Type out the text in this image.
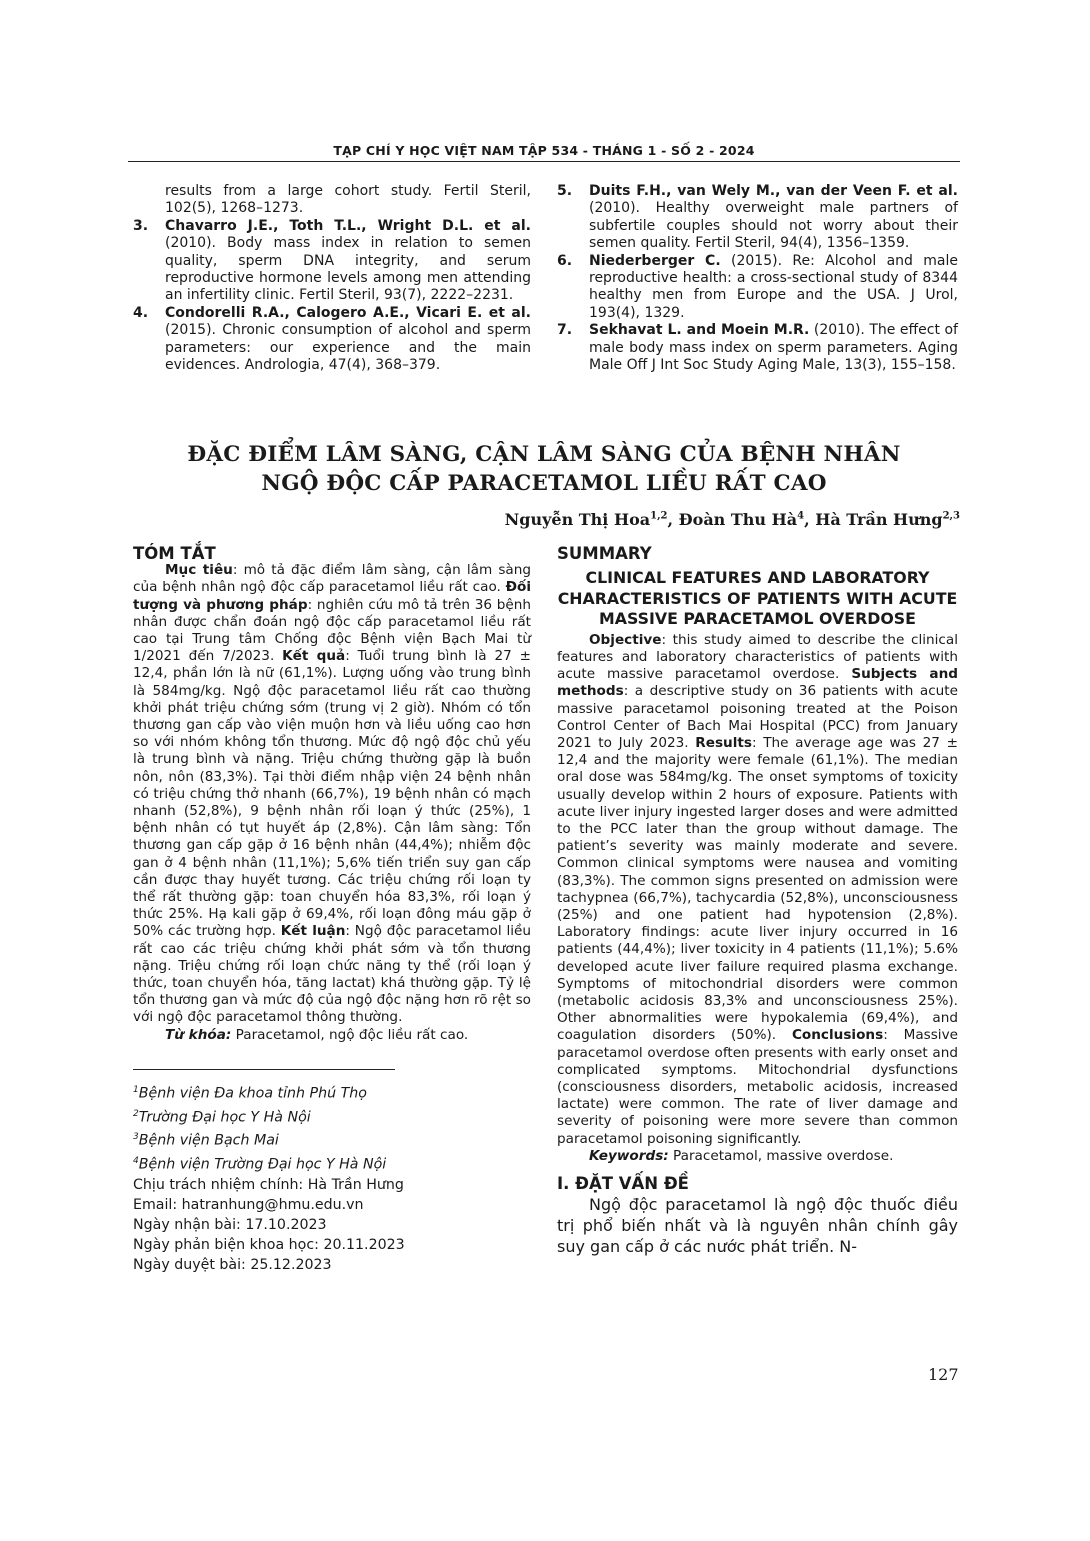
TẠP CHÍ Y HỌC VIỆT NAM TẬP 534 - THÁNG 1 - SỐ 2 - 2024
results from a large cohort study. Fertil Steril, 102(5), 1268–1273.
3. Chavarro J.E., Toth T.L., Wright D.L. et al. (2010). Body mass index in relation to semen quality, sperm DNA integrity, and serum reproductive hormone levels among men attending an infertility clinic. Fertil Steril, 93(7), 2222–2231.
4. Condorelli R.A., Calogero A.E., Vicari E. et al. (2015). Chronic consumption of alcohol and sperm parameters: our experience and the main evidences. Andrologia, 47(4), 368–379.
5. Duits F.H., van Wely M., van der Veen F. et al. (2010). Healthy overweight male partners of subfertile couples should not worry about their semen quality. Fertil Steril, 94(4), 1356–1359.
6. Niederberger C. (2015). Re: Alcohol and male reproductive health: a cross-sectional study of 8344 healthy men from Europe and the USA. J Urol, 193(4), 1329.
7. Sekhavat L. and Moein M.R. (2010). The effect of male body mass index on sperm parameters. Aging Male Off J Int Soc Study Aging Male, 13(3), 155–158.
ĐẶC ĐIỂM LÂM SÀNG, CẬN LÂM SÀNG CỦA BỆNH NHÂN
NGỘ ĐỘC CẤP PARACETAMOL LIỀU RẤT CAO
Nguyễn Thị Hoa$^{1,2}$, Đoàn Thu $Hà^4$, Hà Trần Hưng$^{2,3}$
TÓM TẮT
Mục tiêu: mô tả đặc điểm lâm sàng, cận lâm sàng của bệnh nhân ngộ độc cấp paracetamol liều rất cao. Đối tượng và phương pháp: nghiên cứu mô tả trên 36 bệnh nhân được chẩn đoán ngộ độc cấp paracetamol liều rất cao tại Trung tâm Chống độc Bệnh viện Bạch Mai từ 1/2021 đến 7/2023. Kết quả: Tuổi trung bình là 27 ± 12,4, phần lớn là nữ (61,1%). Lượng uống vào trung bình là 584mg/kg. Ngộ độc paracetamol liều rất cao thường khởi phát triệu chứng sớm (trung vị 2 giờ). Nhóm có tổn thương gan cấp vào viện muộn hơn và liều uống cao hơn so với nhóm không tổn thương. Mức độ ngộ độc chủ yếu là trung bình và nặng. Triệu chứng thường gặp là buồn nôn, nôn (83,3%). Tại thời điểm nhập viện 24 bệnh nhân có triệu chứng thở nhanh (66,7%), 19 bệnh nhân có mạch nhanh (52,8%), 9 bệnh nhân rối loạn ý thức (25%), 1 bệnh nhân có tụt huyết áp (2,8%). Cận lâm sàng: Tổn thương gan cấp gặp ở 16 bệnh nhân (44,4%); nhiễm độc gan ở 4 bệnh nhân (11,1%); 5,6% tiến triển suy gan cấp cần được thay huyết tương. Các triệu chứng rối loạn ty thể rất thường gặp: toan chuyển hóa 83,3%, rối loạn ý thức 25%. Hạ kali gặp ở 69,4%, rối loạn đông máu gặp ở 50% các trường hợp. Kết luận: Ngộ độc paracetamol liều rất cao các triệu chứng khởi phát sớm và tổn thương nặng. Triệu chứng rối loạn chức năng ty thể (rối loạn ý thức, toan chuyển hóa, tăng lactat) khá thường gặp. Tỷ lệ tổn thương gan và mức độ của ngộ độc nặng hơn rõ rệt so với ngộ độc paracetamol thông thường.
Từ khóa: Paracetamol, ngộ độc liều rất cao.
$^1$Bệnh viện Đa khoa tỉnh Phú Thọ
$^2$Trường Đại học Y Hà Nội
$^3$Bệnh viện Bạch Mai
$^4$Bệnh viện Trường Đại học Y Hà Nội
Chịu trách nhiệm chính: Hà Trần Hưng
Email: hatranhung@hmu.edu.vn
Ngày nhận bài: 17.10.2023
Ngày phản biện khoa học: 20.11.2023
Ngày duyệt bài: 25.12.2023
SUMMARY
CLINICAL FEATURES AND LABORATORY CHARACTERISTICS OF PATIENTS WITH ACUTE MASSIVE PARACETAMOL OVERDOSE
Objective: this study aimed to describe the clinical features and laboratory characteristics of patients with acute massive paracetamol overdose. Subjects and methods: a descriptive study on 36 patients with acute massive paracetamol poisoning treated at the Poison Control Center of Bach Mai Hospital (PCC) from January 2021 to July 2023. Results: The average age was 27 ± 12,4 and the majority were female (61,1%). The median oral dose was 584mg/kg. The onset symptoms of toxicity usually develop within 2 hours of exposure. Patients with acute liver injury ingested larger doses and were admitted to the PCC later than the group without damage. The patient’s severity was mainly moderate and severe. Common clinical symptoms were nausea and vomiting (83,3%). The common signs presented on admission were tachypnea (66,7%), tachycardia (52,8%), unconsciousness (25%) and one patient had hypotension (2,8%). Laboratory findings: acute liver injury occurred in 16 patients (44,4%); liver toxicity in 4 patients (11,1%); 5.6% developed acute liver failure required plasma exchange. Symptoms of mitochondrial disorders were common (metabolic acidosis 83,3% and unconsciousness 25%). Other abnormalities were hypokalemia (69,4%), and coagulation disorders (50%). Conclusions: Massive paracetamol overdose often presents with early onset and complicated symptoms. Mitochondrial dysfunctions (consciousness disorders, metabolic acidosis, increased lactate) were common. The rate of liver damage and severity of poisoning were more severe than common paracetamol poisoning significantly.
Keywords: Paracetamol, massive overdose.
I. ĐẶT VẤN ĐỀ
Ngộ độc paracetamol là ngộ độc thuốc điều trị phổ biến nhất và là nguyên nhân chính gây suy gan cấp ở các nước phát triển. N-
127
